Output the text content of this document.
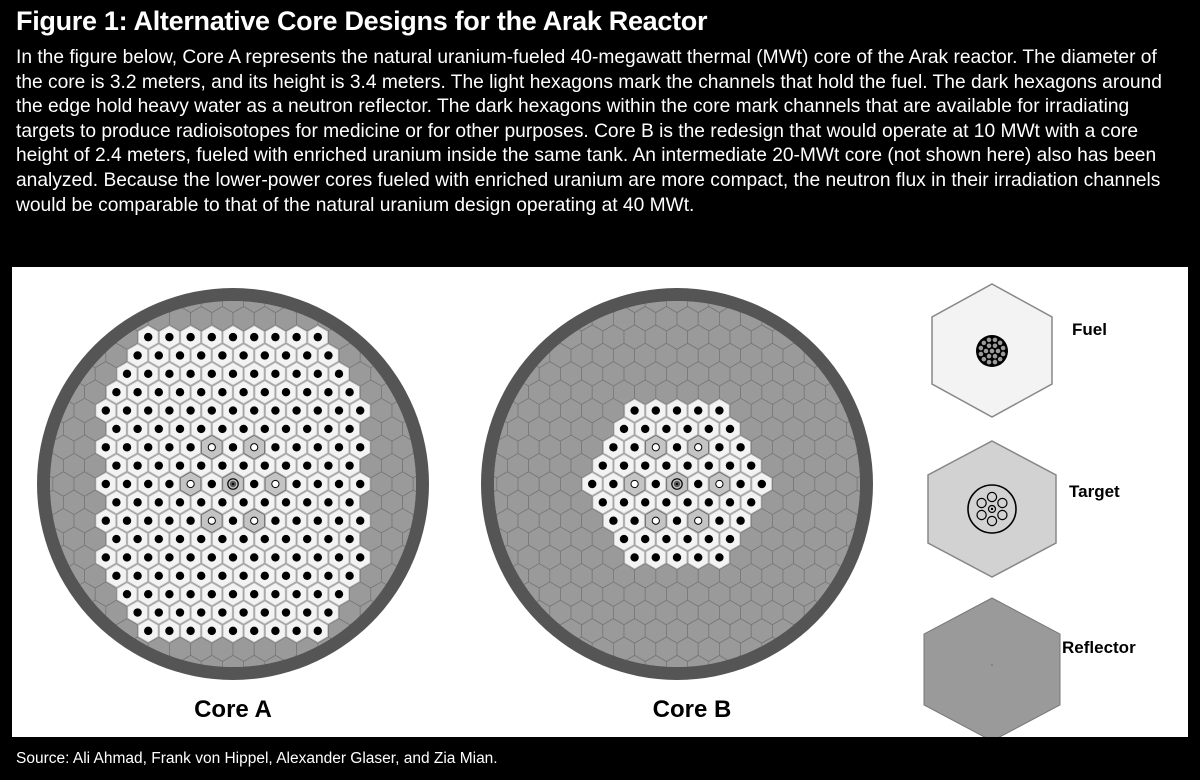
Figure 1: Alternative Core Designs for the Arak Reactor

In the figure below, Core A represents the natural uranium-fueled 40-megawatt thermal (MWt) core of the Arak reactor. The diameter of the core is 3.2 meters, and its height is 3.4 meters. The light hexagons mark the channels that hold the fuel. The dark hexagons around the edge hold heavy water as a neutron reflector. The dark hexagons within the core mark channels that are available for irradiating targets to produce radioisotopes for medicine or for other purposes. Core B is the redesign that would operate at 10 MWt with a core height of 2.4 meters, fueled with enriched uranium inside the same tank. An intermediate 20-MWt core (not shown here) also has been analyzed. Because the lower-power cores fueled with enriched uranium are more compact, the neutron flux in their irradiation channels would be comparable to that of the natural uranium design operating at 40 MWt.

Core A	Core B
Fuel
Target
Reflector

Source: Ali Ahmad, Frank von Hippel, Alexander Glaser, and Zia Mian.
